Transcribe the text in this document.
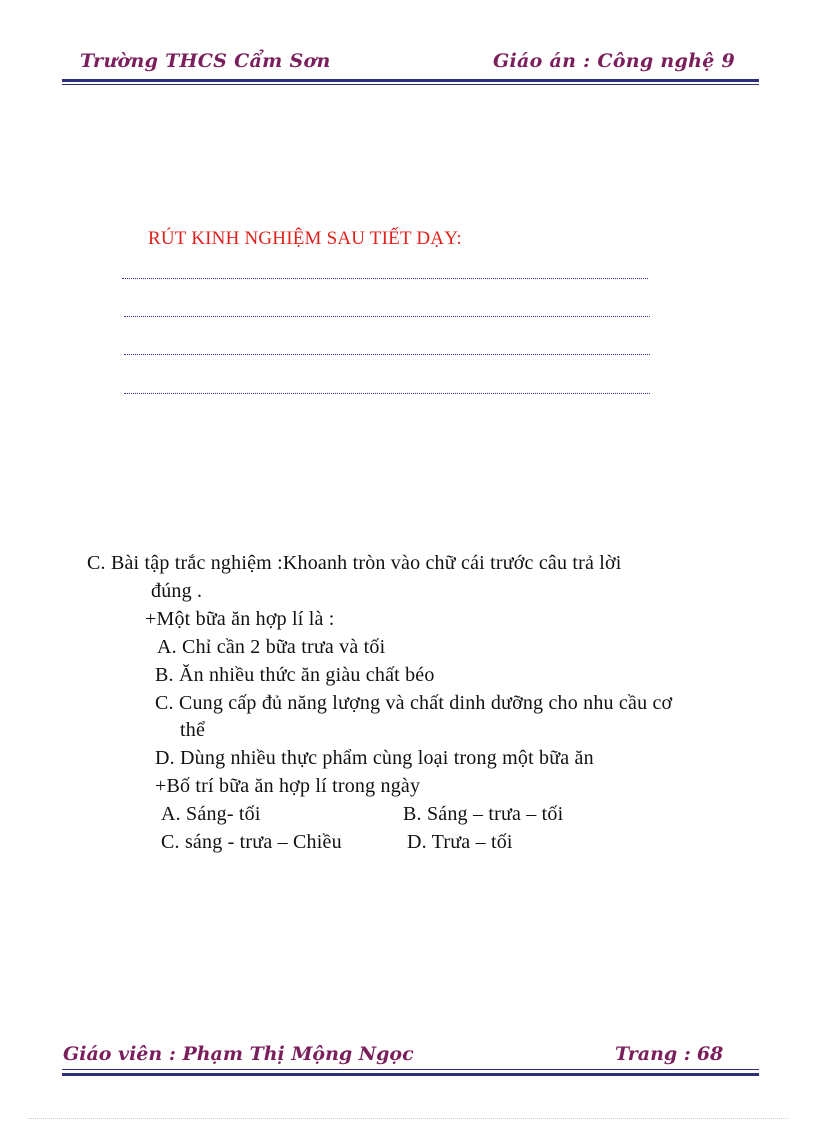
Trường THCS Cẩm Sơn	Giáo án : Công nghệ 9
RÚT KINH NGHIỆM SAU TIẾT DẠY:
C. Bài tập trắc nghiệm :Khoanh tròn vào chữ cái trước câu trả lời
đúng .
+Một bữa ăn hợp lí là :
A. Chỉ cần 2 bữa trưa và tối
B. Ăn nhiều thức ăn giàu chất béo
C. Cung cấp đủ năng lượng và chất dinh dưỡng cho nhu cầu cơ
thể
D. Dùng nhiều thực phẩm cùng loại trong một bữa ăn
+Bố trí bữa ăn hợp lí trong ngày
A. Sáng- tối	B. Sáng – trưa – tối
C. sáng - trưa – Chiều	D. Trưa – tối
Giáo viên : Phạm Thị Mộng Ngọc	Trang : 68
